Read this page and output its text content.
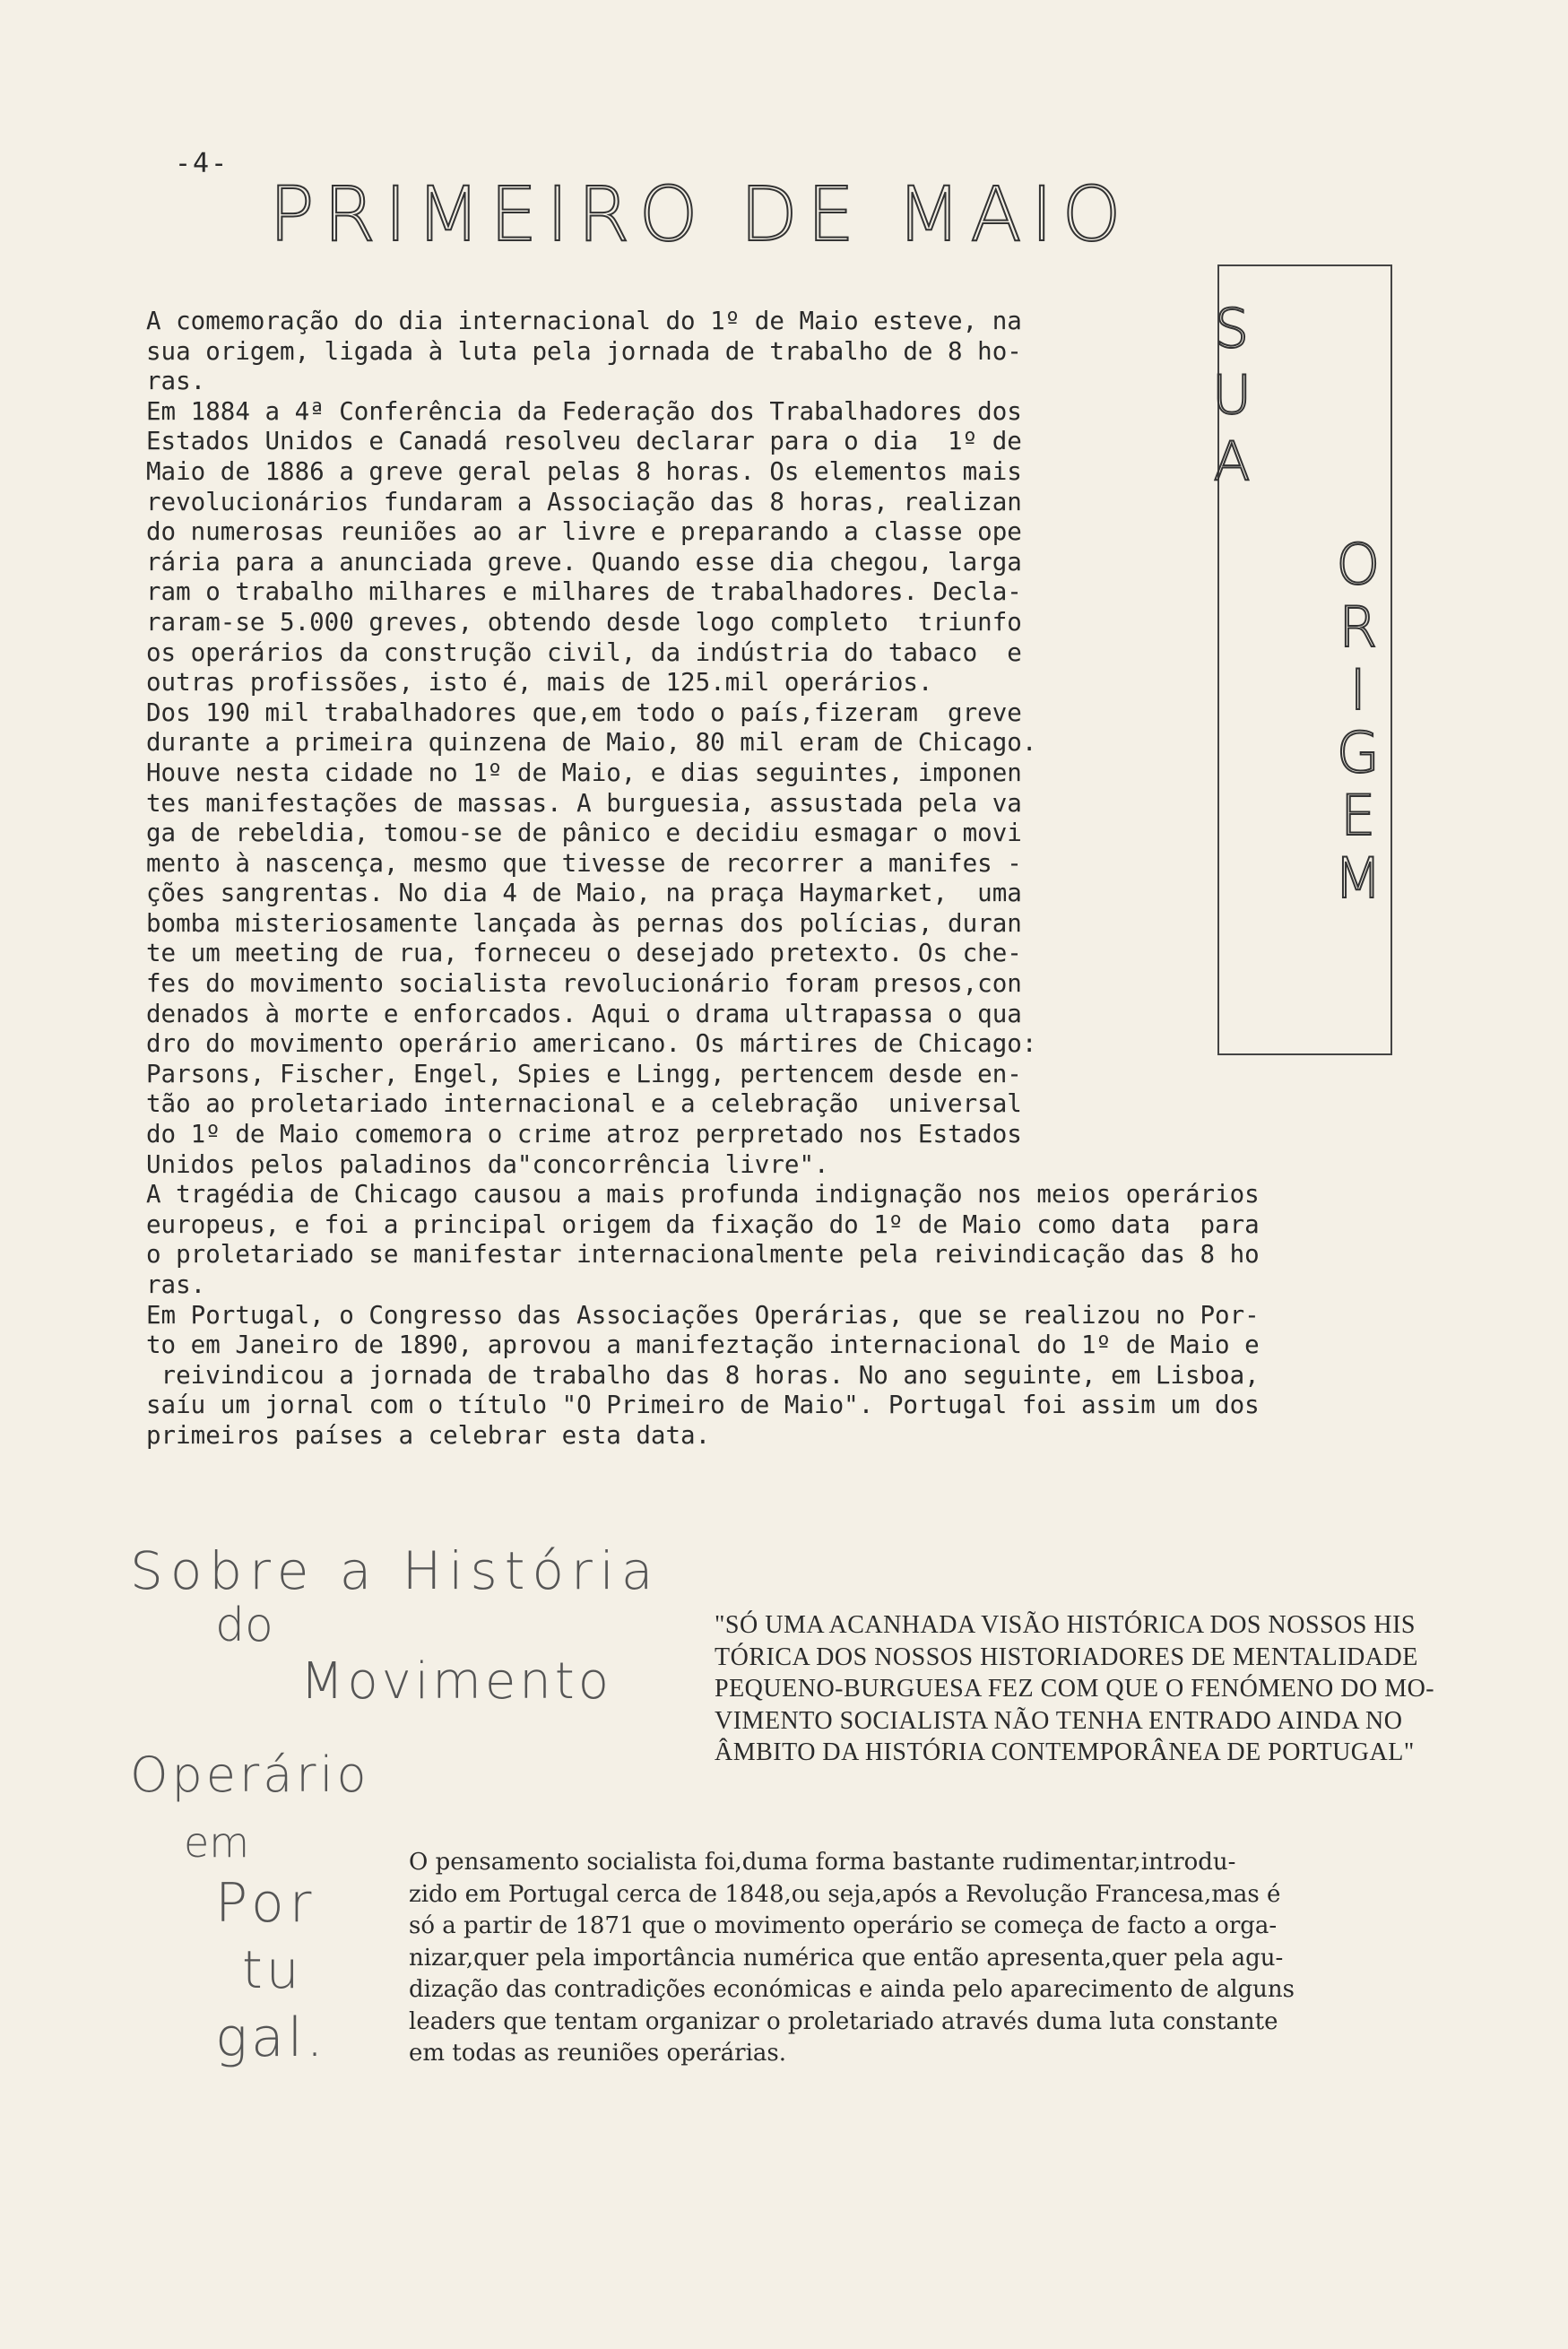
-4-
PRIMEIRO DE MAIO
S
U
A
O
R
I
G
E
M
A comemoração do dia internacional do 1º de Maio esteve, na
sua origem, ligada à luta pela jornada de trabalho de 8 ho-
ras.
Em 1884 a 4ª Conferência da Federação dos Trabalhadores dos
Estados Unidos e Canadá resolveu declarar para o dia  1º de
Maio de 1886 a greve geral pelas 8 horas. Os elementos mais
revolucionários fundaram a Associação das 8 horas, realizan
do numerosas reuniões ao ar livre e preparando a classe ope
rária para a anunciada greve. Quando esse dia chegou, larga
ram o trabalho milhares e milhares de trabalhadores. Decla-
raram-se 5.000 greves, obtendo desde logo completo  triunfo
os operários da construção civil, da indústria do tabaco  e
outras profissões, isto é, mais de 125.mil operários.
Dos 190 mil trabalhadores que,em todo o país,fizeram  greve
durante a primeira quinzena de Maio, 80 mil eram de Chicago.
Houve nesta cidade no 1º de Maio, e dias seguintes, imponen
tes manifestações de massas. A burguesia, assustada pela va
ga de rebeldia, tomou-se de pânico e decidiu esmagar o movi
mento à nascença, mesmo que tivesse de recorrer a manifes -
ções sangrentas. No dia 4 de Maio, na praça Haymarket,  uma
bomba misteriosamente lançada às pernas dos polícias, duran
te um meeting de rua, forneceu o desejado pretexto. Os che-
fes do movimento socialista revolucionário foram presos,con
denados à morte e enforcados. Aqui o drama ultrapassa o qua
dro do movimento operário americano. Os mártires de Chicago:
Parsons, Fischer, Engel, Spies e Lingg, pertencem desde en-
tão ao proletariado internacional e a celebração  universal
do 1º de Maio comemora o crime atroz perpretado nos Estados
Unidos pelos paladinos da"concorrência livre".
A tragédia de Chicago causou a mais profunda indignação nos meios operários
europeus, e foi a principal origem da fixação do 1º de Maio como data  para
o proletariado se manifestar internacionalmente pela reivindicação das 8 ho
ras.
Em Portugal, o Congresso das Associações Operárias, que se realizou no Por-
to em Janeiro de 1890, aprovou a manifeztação internacional do 1º de Maio e
reivindicou a jornada de trabalho das 8 horas. No ano seguinte, em Lisboa,
saíu um jornal com o título "O Primeiro de Maio". Portugal foi assim um dos
primeiros países a celebrar esta data.
Sobre a História
do
Movimento
Operário
em
Por
tu
gal.
"SÓ UMA ACANHADA VISÃO HISTÓRICA DOS NOSSOS HIS
TÓRICA DOS NOSSOS HISTORIADORES DE MENTALIDADE
PEQUENO-BURGUESA FEZ COM QUE O FENÓMENO DO MO-
VIMENTO SOCIALISTA NÃO TENHA ENTRADO AINDA NO
ÂMBITO DA HISTÓRIA CONTEMPORÂNEA DE PORTUGAL"
O pensamento socialista foi,duma forma bastante rudimentar,introdu-
zido em Portugal cerca de 1848,ou seja,após a Revolução Francesa,mas é
só a partir de 1871 que o movimento operário se começa de facto a orga-
nizar,quer pela importância numérica que então apresenta,quer pela agu-
dização das contradições económicas e ainda pelo aparecimento de alguns
leaders que tentam organizar o proletariado através duma luta constante
em todas as reuniões operárias.
